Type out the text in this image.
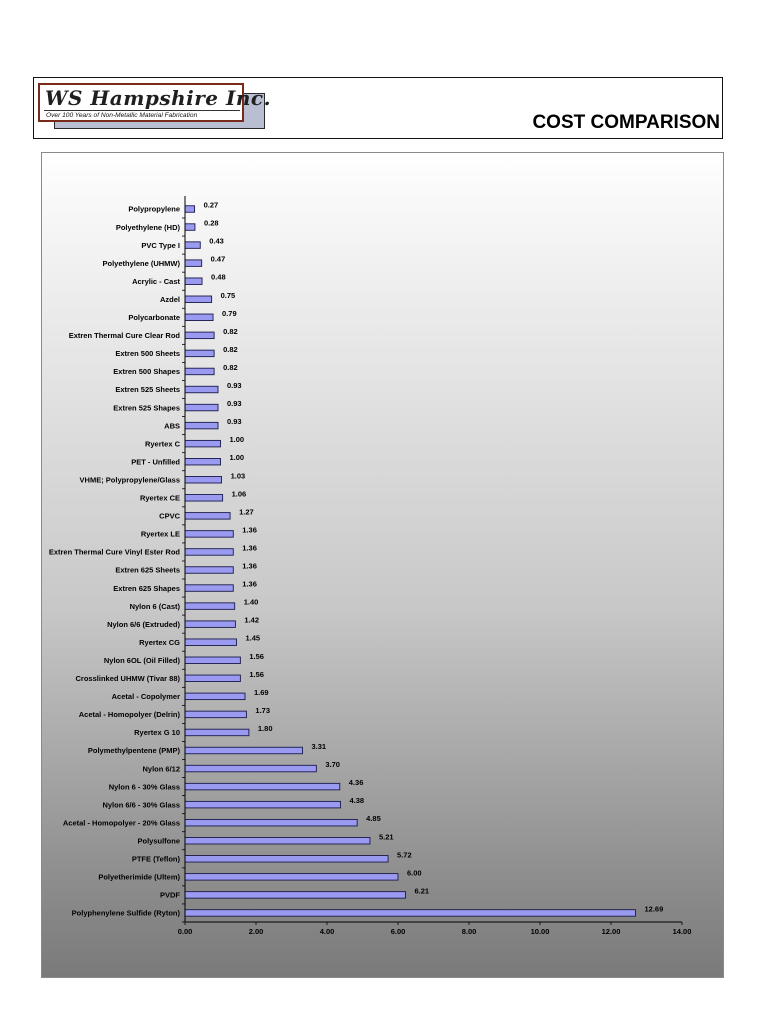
WS Hampshire Inc.
Over 100 Years of Non-Metallic Material Fabrication	COST COMPARISON
Polypropylene
Polyethylene (HD)
PVC Type I
Polyethylene (UHMW)
Acrylic - Cast
Azdel
Polycarbonate
Extren Thermal Cure Clear Rod
Extren 500 Sheets
Extren 500 Shapes
Extren 525 Sheets
Extren 525 Shapes
ABS
Ryertex C
PET - Unfilled
VHME; Polypropylene/Glass
Ryertex CE
CPVC
Ryertex LE
Extren Thermal Cure Vinyl Ester Rod
Extren 625 Sheets
Extren 625 Shapes
Nylon 6 (Cast)
Nylon 6/6 (Extruded)
Ryertex CG
Nylon 6OL (Oil Filled)
Crosslinked UHMW (Tivar 88)
Acetal - Copolymer
Acetal - Homopolyer (Delrin)
Ryertex G 10
Polymethylpentene (PMP)
Nylon 6/12
Nylon 6 - 30% Glass
Nylon 6/6 - 30% Glass
Acetal - Homopolyer - 20% Glass
Polysulfone
PTFE (Teflon)
Polyetherimide (Ultem)
PVDF
Polyphenylene Sulfide (Ryton)
0.27
0.28
0.43
0.47
0.48
0.75
0.79
0.82
0.82
0.82
0.93
0.93
0.93
1.00
1.00
1.03
1.06
1.27
1.36
1.36
1.36
1.36
1.40
1.42
1.45
1.56
1.56
1.69
1.73
1.80
3.31
3.70
4.36
4.38
4.85
5.21
5.72
6.00
6.21
12.69
0.00	2.00	4.00	6.00	8.00	10.00	12.00	14.00
